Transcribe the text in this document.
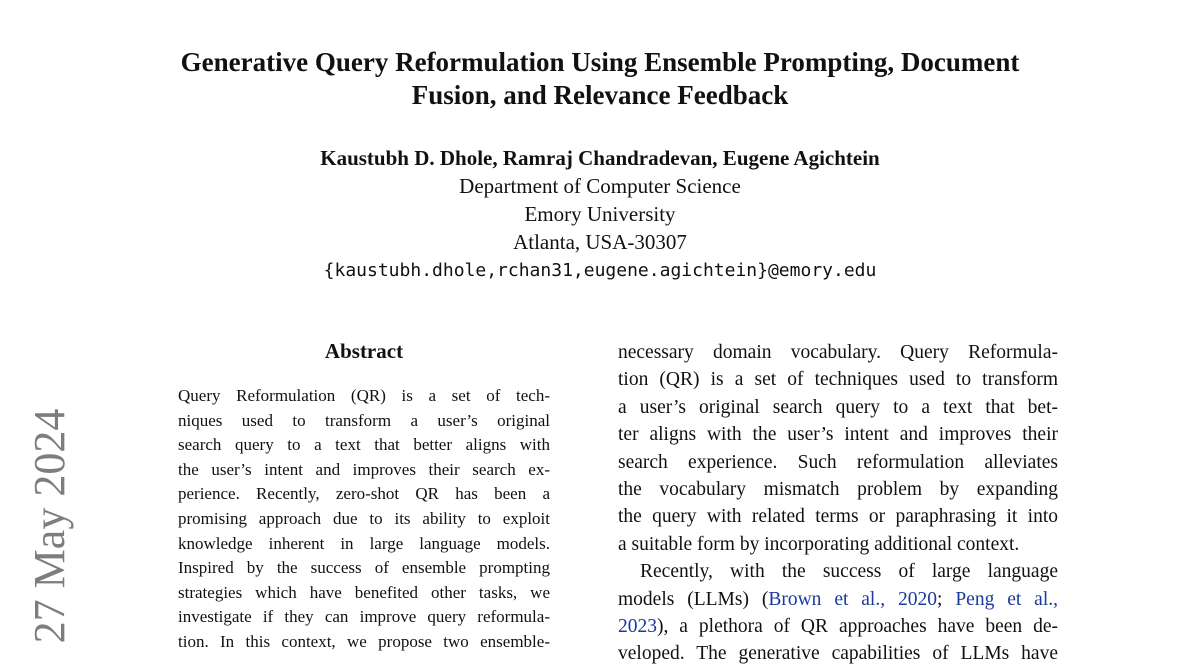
Generative Query Reformulation Using Ensemble Prompting, Document
Fusion, and Relevance Feedback
Kaustubh D. Dhole, Ramraj Chandradevan, Eugene Agichtein
Department of Computer Science
Emory University
Atlanta, USA-30307
{kaustubh.dhole,rchan31,eugene.agichtein}@emory.edu
27 May 2024
Abstract
Query Reformulation (QR) is a set of tech-
niques used to transform a user’s original
search query to a text that better aligns with
the user’s intent and improves their search ex-
perience. Recently, zero-shot QR has been a
promising approach due to its ability to exploit
knowledge inherent in large language models.
Inspired by the success of ensemble prompting
strategies which have benefited other tasks, we
investigate if they can improve query reformula-
tion. In this context, we propose two ensemble-
necessary domain vocabulary. Query Reformula-
tion (QR) is a set of techniques used to transform
a user’s original search query to a text that bet-
ter aligns with the user’s intent and improves their
search experience. Such reformulation alleviates
the vocabulary mismatch problem by expanding
the query with related terms or paraphrasing it into
a suitable form by incorporating additional context.
Recently, with the success of large language
models (LLMs) (Brown et al., 2020; Peng et al.,
2023), a plethora of QR approaches have been de-
veloped. The generative capabilities of LLMs have
